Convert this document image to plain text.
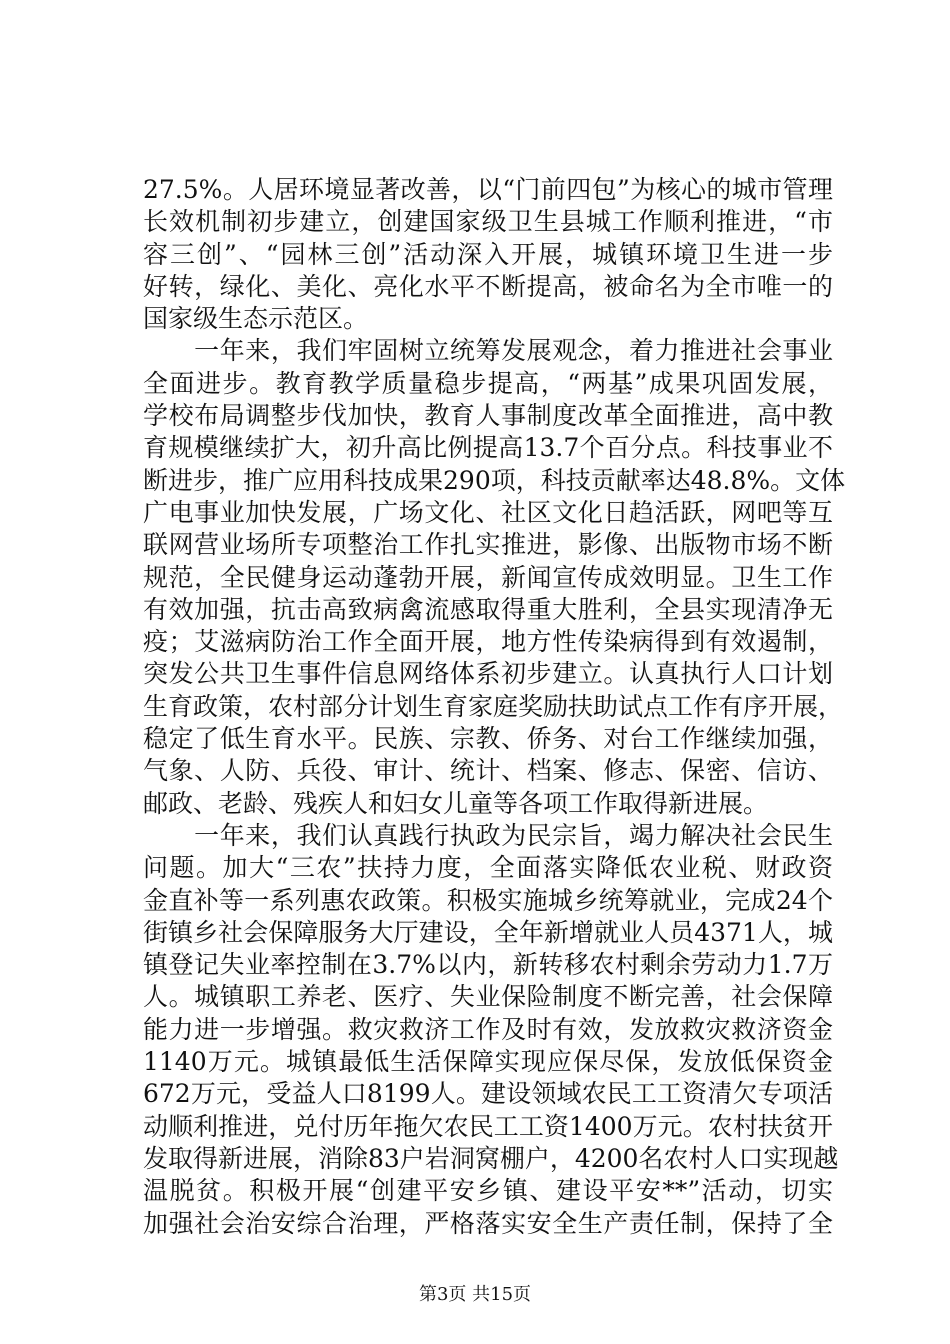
27.5%。人居环境显著改善，以“门前四包”为核心的城市管理
长效机制初步建立，创建国家级卫生县城工作顺利推进，“市
容三创”、“园林三创”活动深入开展，城镇环境卫生进一步
好转，绿化、美化、亮化水平不断提高，被命名为全市唯一的
国家级生态示范区。
　　一年来，我们牢固树立统筹发展观念，着力推进社会事业
全面进步。教育教学质量稳步提高，“两基”成果巩固发展，
学校布局调整步伐加快，教育人事制度改革全面推进，高中教
育规模继续扩大，初升高比例提高13.7个百分点。科技事业不
断进步，推广应用科技成果290项，科技贡献率达48.8%。文体
广电事业加快发展，广场文化、社区文化日趋活跃，网吧等互
联网营业场所专项整治工作扎实推进，影像、出版物市场不断
规范，全民健身运动蓬勃开展，新闻宣传成效明显。卫生工作
有效加强，抗击高致病禽流感取得重大胜利，全县实现清净无
疫；艾滋病防治工作全面开展，地方性传染病得到有效遏制，
突发公共卫生事件信息网络体系初步建立。认真执行人口计划
生育政策，农村部分计划生育家庭奖励扶助试点工作有序开展，
稳定了低生育水平。民族、宗教、侨务、对台工作继续加强，
气象、人防、兵役、审计、统计、档案、修志、保密、信访、
邮政、老龄、残疾人和妇女儿童等各项工作取得新进展。
　　一年来，我们认真践行执政为民宗旨，竭力解决社会民生
问题。加大“三农”扶持力度，全面落实降低农业税、财政资
金直补等一系列惠农政策。积极实施城乡统筹就业，完成24个
街镇乡社会保障服务大厅建设，全年新增就业人员4371人，城
镇登记失业率控制在3.7%以内，新转移农村剩余劳动力1.7万
人。城镇职工养老、医疗、失业保险制度不断完善，社会保障
能力进一步增强。救灾救济工作及时有效，发放救灾救济资金
1140万元。城镇最低生活保障实现应保尽保，发放低保资金
672万元，受益人口8199人。建设领域农民工工资清欠专项活
动顺利推进，兑付历年拖欠农民工工资1400万元。农村扶贫开
发取得新进展，消除83户岩洞窝棚户，4200名农村人口实现越
温脱贫。积极开展“创建平安乡镇、建设平安**”活动，切实
加强社会治安综合治理，严格落实安全生产责任制，保持了全
第3页 共15页
